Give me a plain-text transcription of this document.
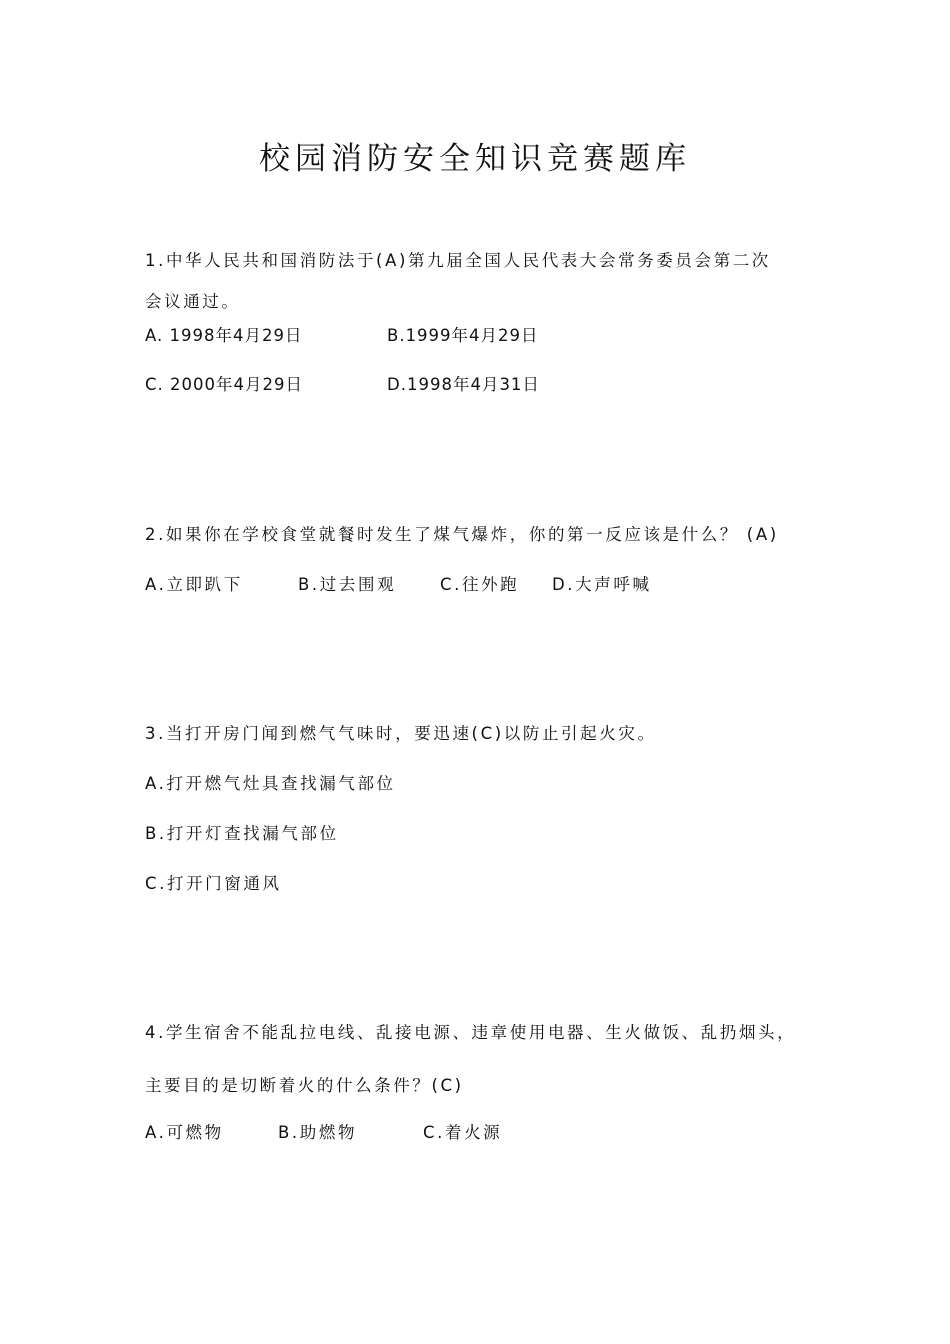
校园消防安全知识竞赛题库
1.中华人民共和国消防法于(A)第九届全国人民代表大会常务委员会第二次
会议通过。
A. 1998年4月29日	B.1999年4月29日
C. 2000年4月29日	D.1998年4月31日
2.如果你在学校食堂就餐时发生了煤气爆炸，你的第一反应该是什么？ (A)
A.立即趴下	B.过去围观	C.往外跑 D.大声呼喊
3.当打开房门闻到燃气气味时，要迅速(C)以防止引起火灾。
A.打开燃气灶具查找漏气部位
B.打开灯查找漏气部位
C.打开门窗通风
4.学生宿舍不能乱拉电线、乱接电源、违章使用电器、生火做饭、乱扔烟头，
主要目的是切断着火的什么条件？(C)
A.可燃物	B.助燃物	C.着火源
